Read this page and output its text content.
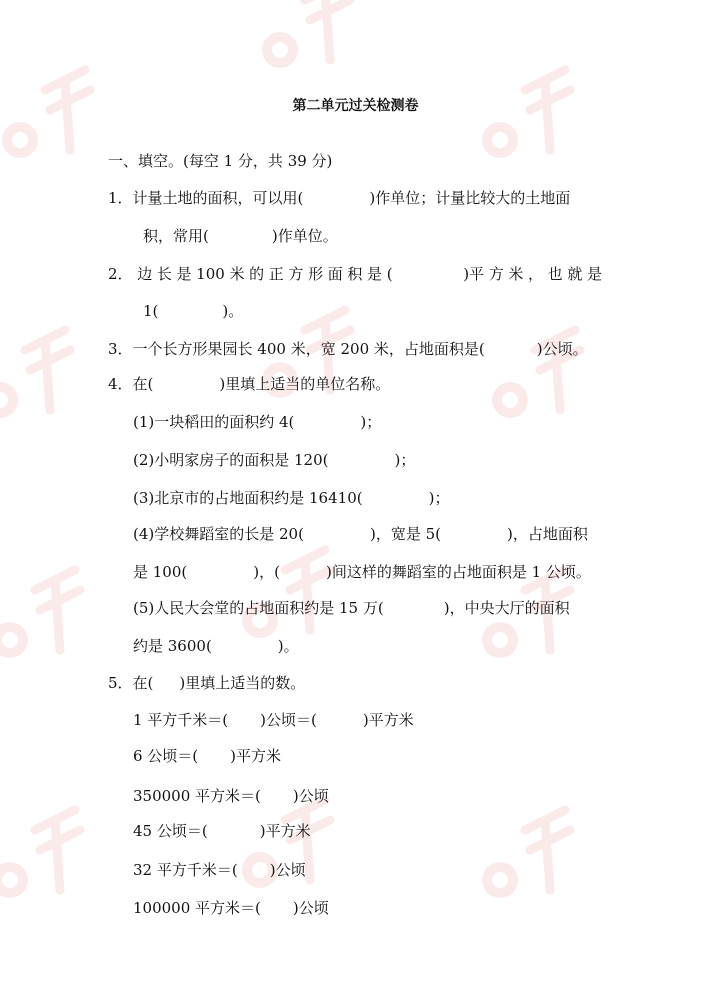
第二单元过关检测卷
一、填空。(每空 1 分，共 39 分)
1．计量土地的面积，可以用(	)作单位；计量比较大的土地面
积，常用(	)作单位。
2． 边 长 是 100 米 的 正 方 形 面 积 是 (	)平 方 米 ， 也 就 是
1(	)。
3．一个长方形果园长 400 米，宽 200 米，占地面积是(	)公顷。
4．在(	)里填上适当的单位名称。
(1)一块稻田的面积约 4(	)；
(2)小明家房子的面积是 120(	)；
(3)北京市的占地面积约是 16410(	)；
(4)学校舞蹈室的长是 20(	)，宽是 5(	)，占地面积
是 100(	)，(	)间这样的舞蹈室的占地面积是 1 公顷。
(5)人民大会堂的占地面积约是 15 万(	)，中央大厅的面积
约是 3600(	)。
5．在( )里填上适当的数。
1 平方千米＝( )公顷＝(	)平方米
6 公顷＝( )平方米
350000 平方米＝( )公顷
45 公顷＝(	)平方米
32 平方千米＝( )公顷
100000 平方米＝( )公顷
